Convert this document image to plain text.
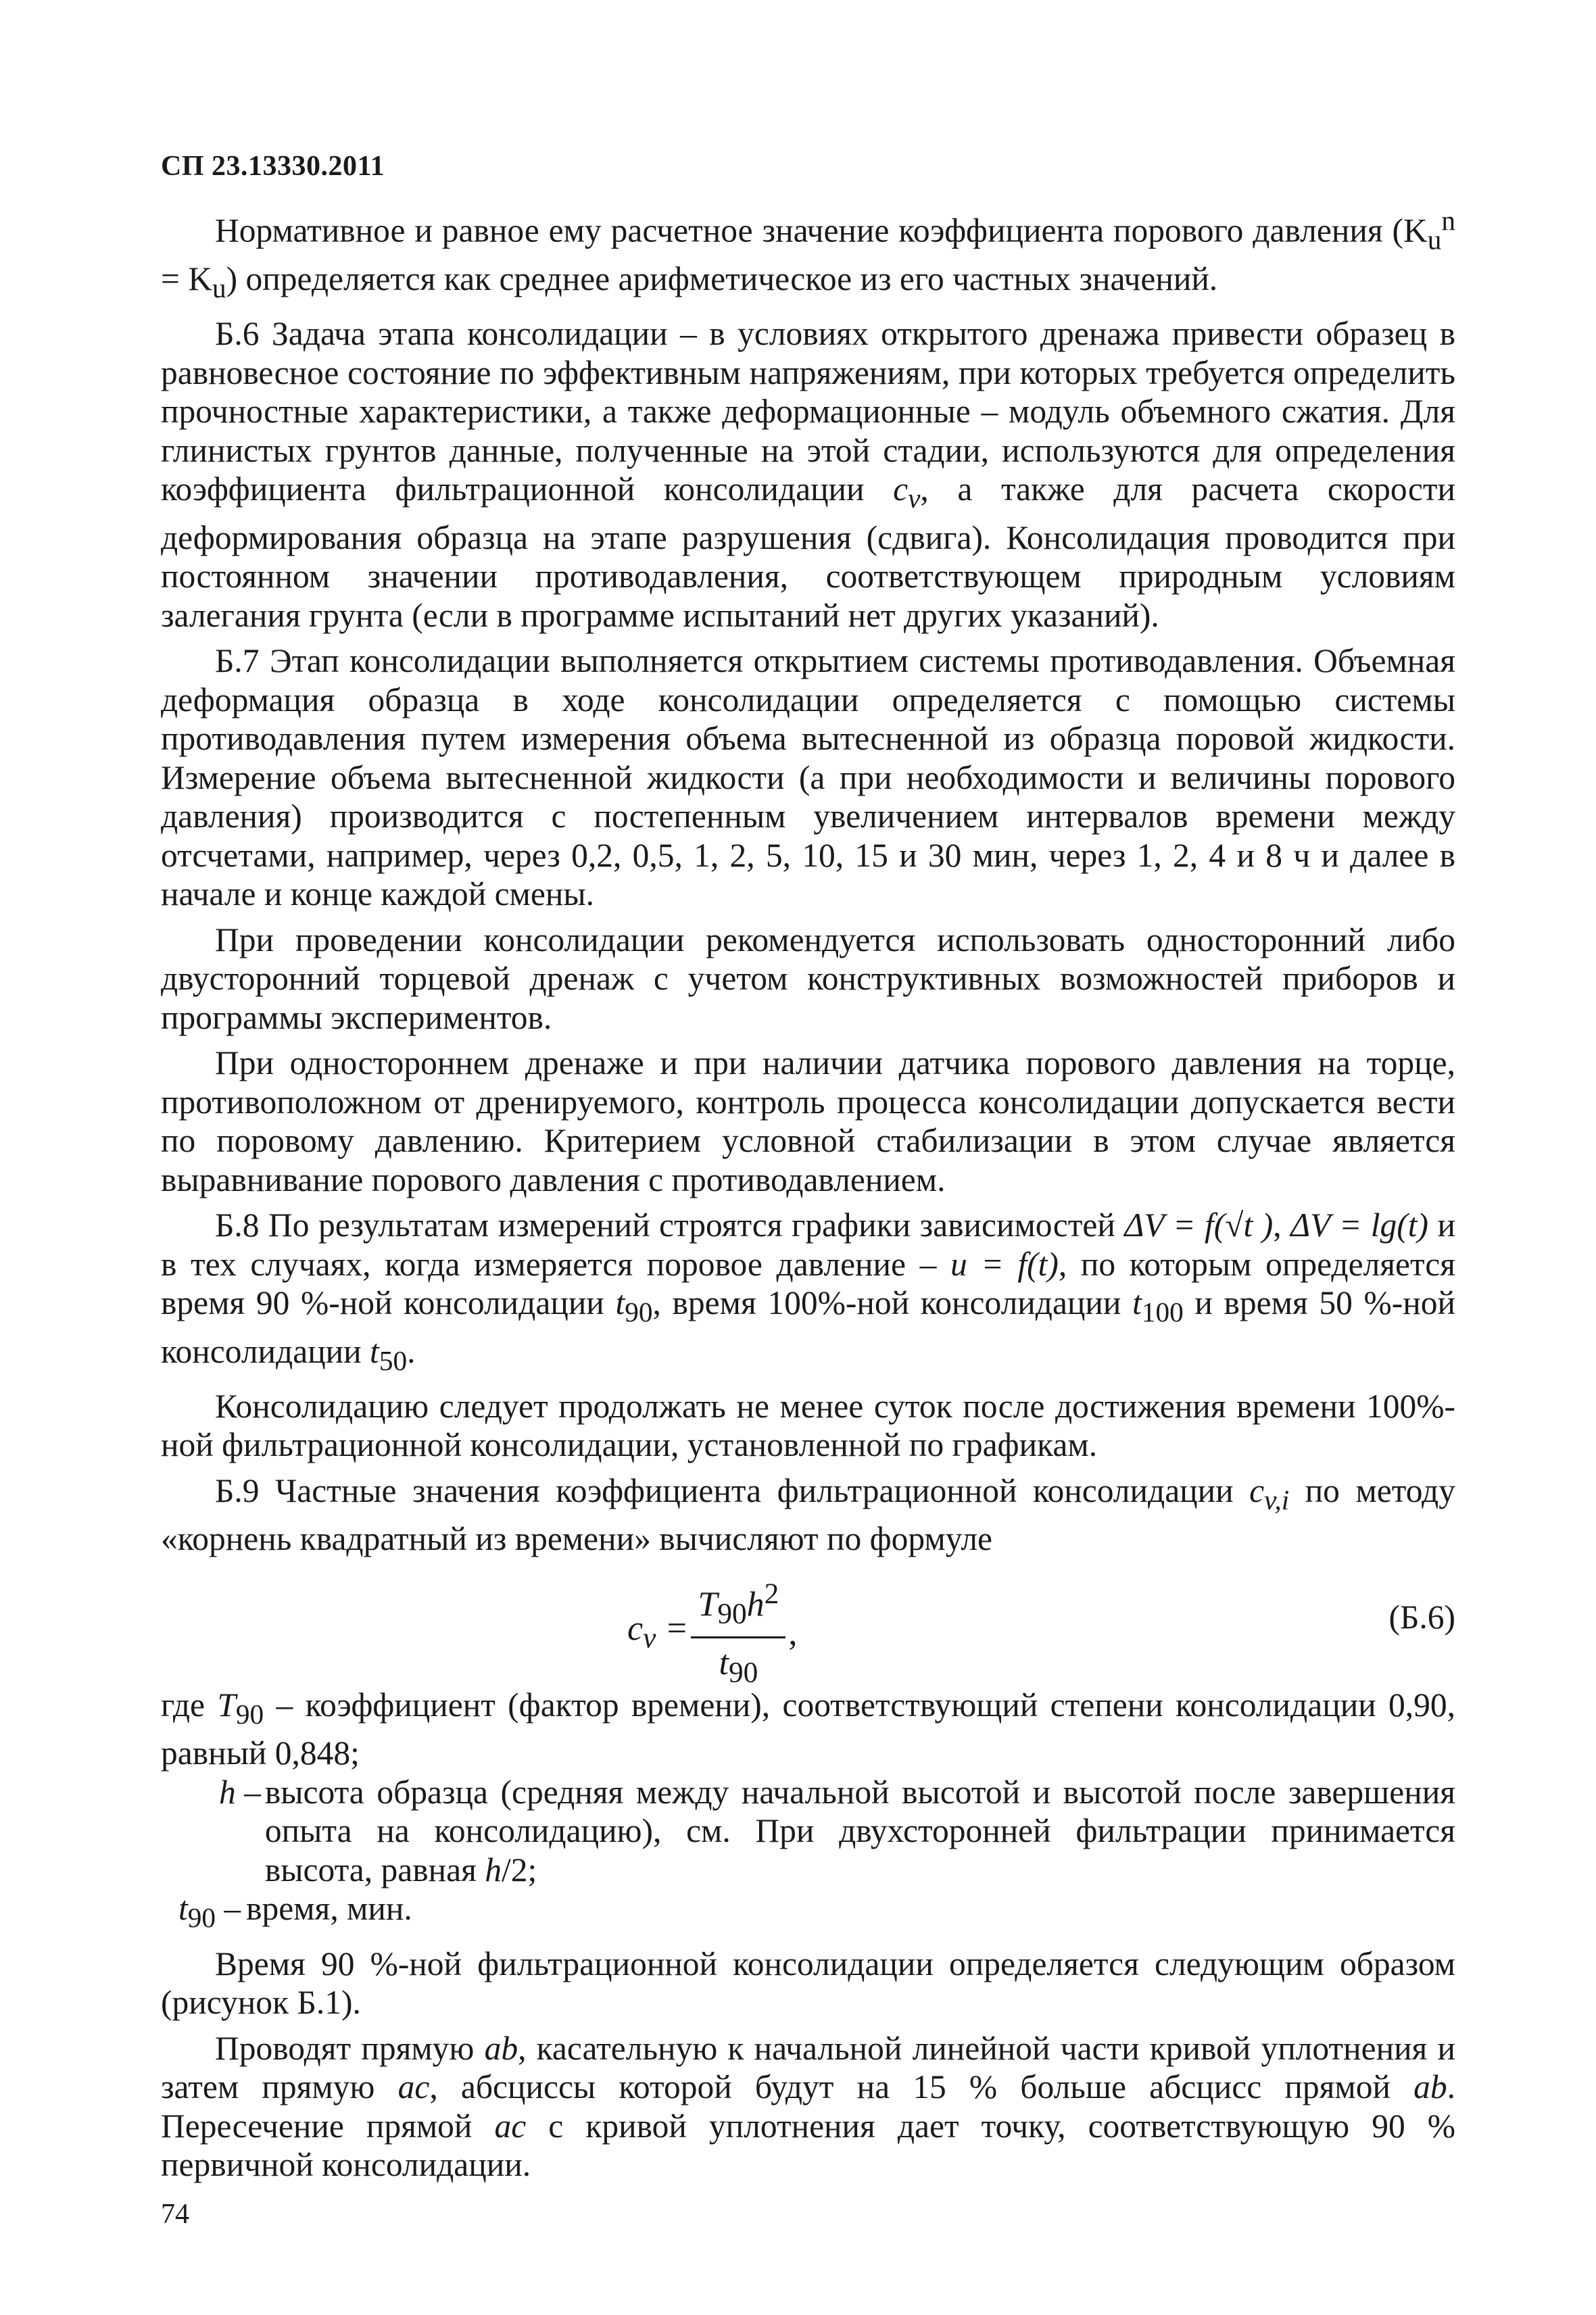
СП 23.13330.2011

Нормативное и равное ему расчетное значение коэффициента порового давления $(K_u^n = K_u)$ определяется как среднее арифметическое из его частных значений.

Б.6 Задача этапа консолидации – в условиях открытого дренажа привести образец в равновесное состояние по эффективным напряжениям, при которых требуется определить прочностные характеристики, а также деформационные – модуль объемного сжатия. Для глинистых грунтов данные, полученные на этой стадии, используются для определения коэффициента фильтрационной консолидации $c_v$, а также для расчета скорости деформирования образца на этапе разрушения (сдвига). Консолидация проводится при постоянном значении противодавления, соответствующем природным условиям залегания грунта (если в программе испытаний нет других указаний).

Б.7 Этап консолидации выполняется открытием системы противодавления. Объемная деформация образца в ходе консолидации определяется с помощью системы противодавления путем измерения объема вытесненной из образца поровой жидкости. Измерение объема вытесненной жидкости (а при необходимости и величины порового давления) производится с постепенным увеличением интервалов времени между отсчетами, например, через 0,2, 0,5, 1, 2, 5, 10, 15 и 30 мин, через 1, 2, 4 и 8 ч и далее в начале и конце каждой смены.

При проведении консолидации рекомендуется использовать односторонний либо двусторонний торцевой дренаж с учетом конструктивных возможностей приборов и программы экспериментов.

При одностороннем дренаже и при наличии датчика порового давления на торце, противоположном от дренируемого, контроль процесса консолидации допускается вести по поровому давлению. Критерием условной стабилизации в этом случае является выравнивание порового давления с противодавлением.

Б.8 По результатам измерений строятся графики зависимостей ΔV = f(√t ), ΔV = lg(t) и в тех случаях, когда измеряется поровое давление – u = f(t), по которым определяется время 90 %-ной консолидации $t_{90}$, время 100%-ной консолидации $t_{100}$ и время 50 %-ной консолидации $t_{50}$.

Консолидацию следует продолжать не менее суток после достижения времени 100%-ной фильтрационной консолидации, установленной по графикам.

Б.9 Частные значения коэффициента фильтрационной консолидации $c_{v,i}$ по методу «корнень квадратный из времени» вычисляют по формуле

$c_v = \frac{T_{90}h^2}{t_{90}}$ ,	(Б.6)
где $T_{90}$ – коэффициент (фактор времени), соответствующий степени консолидации 0,90, равный 0,848;
h – высота образца (средняя между начальной высотой и высотой после завершения опыта на консолидацию), см. При двухсторонней фильтрации принимается высота, равная h/2;
$t_{90}$ – время, мин.

Время 90 %-ной фильтрационной консолидации определяется следующим образом (рисунок Б.1).

Проводят прямую ab, касательную к начальной линейной части кривой уплотнения и затем прямую ac, абсциссы которой будут на 15 % больше абсцисс прямой ab. Пересечение прямой ac с кривой уплотнения дает точку, соответствующую 90 % первичной консолидации.

74
